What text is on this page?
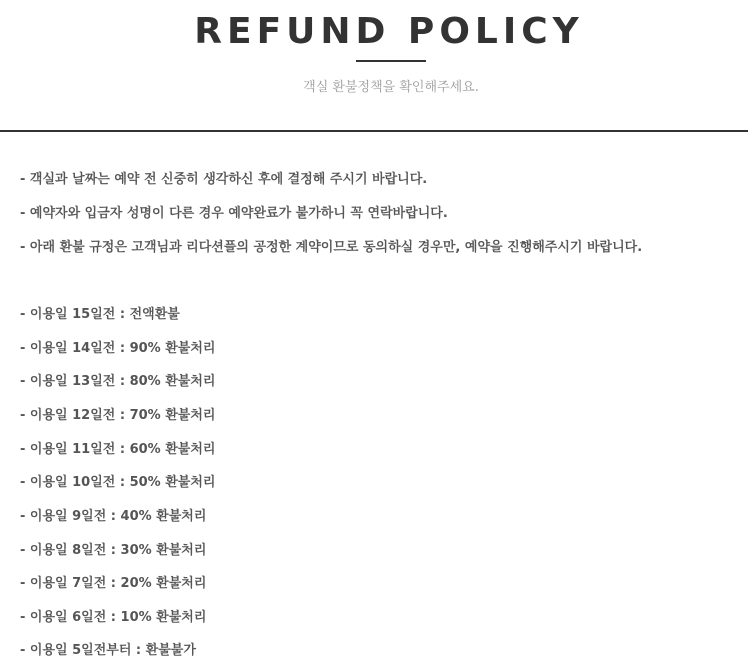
REFUND POLICY
객실 환불정책을 확인해주세요.
- 객실과 날짜는 예약 전 신중히 생각하신 후에 결정해 주시기 바랍니다.
- 예약자와 입금자 성명이 다른 경우 예약완료가 불가하니 꼭 연락바랍니다.
- 아래 환불 규정은 고객님과 리다션플의 공정한 계약이므로 동의하실 경우만, 예약을 진행해주시기 바랍니다.
- 이용일 15일전 : 전액환불
- 이용일 14일전 : 90% 환불처리
- 이용일 13일전 : 80% 환불처리
- 이용일 12일전 : 70% 환불처리
- 이용일 11일전 : 60% 환불처리
- 이용일 10일전 : 50% 환불처리
- 이용일 9일전 : 40% 환불처리
- 이용일 8일전 : 30% 환불처리
- 이용일 7일전 : 20% 환불처리
- 이용일 6일전 : 10% 환불처리
- 이용일 5일전부터 : 환불불가
